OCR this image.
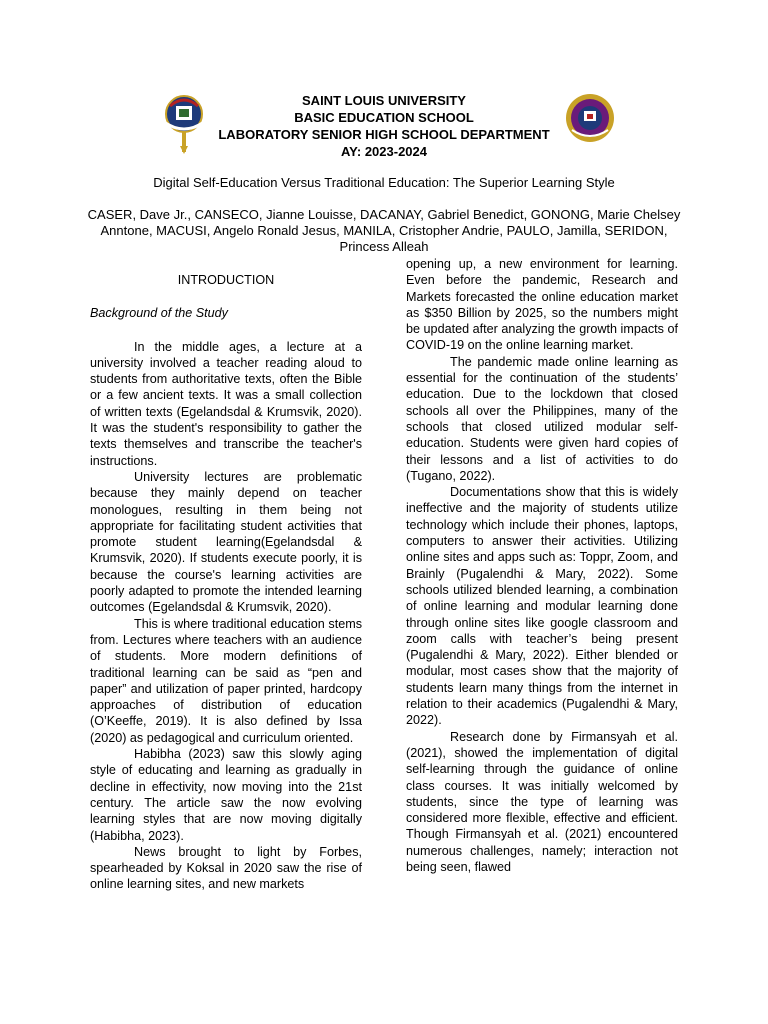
SAINT LOUIS UNIVERSITY
BASIC EDUCATION SCHOOL
LABORATORY SENIOR HIGH SCHOOL DEPARTMENT
AY: 2023-2024
Digital Self-Education Versus Traditional Education: The Superior Learning Style
CASER, Dave Jr., CANSECO, Jianne Louisse, DACANAY, Gabriel Benedict, GONONG, Marie Chelsey Anntone, MACUSI, Angelo Ronald Jesus, MANILA, Cristopher Andrie, PAULO, Jamilla, SERIDON, Princess Alleah

INTRODUCTION

Background of the Study

In the middle ages, a lecture at a university involved a teacher reading aloud to students from authoritative texts, often the Bible or a few ancient texts. It was a small collection of written texts (Egelandsdal & Krumsvik, 2020). It was the student's responsibility to gather the texts themselves and transcribe the teacher's instructions.

University lectures are problematic because they mainly depend on teacher monologues, resulting in them being not appropriate for facilitating student activities that promote student learning(Egelandsdal & Krumsvik, 2020). If students execute poorly, it is because the course's learning activities are poorly adapted to promote the intended learning outcomes (Egelandsdal & Krumsvik, 2020).

This is where traditional education stems from. Lectures where teachers with an audience of students. More modern definitions of traditional learning can be said as “pen and paper” and utilization of paper printed, hardcopy approaches of distribution of education (O’Keeffe, 2019). It is also defined by Issa (2020) as pedagogical and curriculum oriented.

Habibha (2023) saw this slowly aging style of educating and learning as gradually in decline in effectivity, now moving into the 21st century. The article saw the now evolving learning styles that are now moving digitally (Habibha, 2023).

News brought to light by Forbes, spearheaded by Koksal in 2020 saw the rise of online learning sites, and new markets

opening up, a new environment for learning. Even before the pandemic, Research and Markets forecasted the online education market as $350 Billion by 2025, so the numbers might be updated after analyzing the growth impacts of COVID-19 on the online learning market.

The pandemic made online learning as essential for the continuation of the students’ education. Due to the lockdown that closed schools all over the Philippines, many of the schools that closed utilized modular self-education. Students were given hard copies of their lessons and a list of activities to do (Tugano, 2022).

Documentations show that this is widely ineffective and the majority of students utilize technology which include their phones, laptops, computers to answer their activities. Utilizing online sites and apps such as: Toppr, Zoom, and Brainly (Pugalendhi & Mary, 2022). Some schools utilized blended learning, a combination of online learning and modular learning done through online sites like google classroom and zoom calls with teacher’s being present (Pugalendhi & Mary, 2022). Either blended or modular, most cases show that the majority of students learn many things from the internet in relation to their academics (Pugalendhi & Mary, 2022).

Research done by Firmansyah et al. (2021), showed the implementation of digital self-learning through the guidance of online class courses. It was initially welcomed by students, since the type of learning was considered more flexible, effective and efficient. Though Firmansyah et al. (2021) encountered numerous challenges, namely; interaction not being seen, flawed
